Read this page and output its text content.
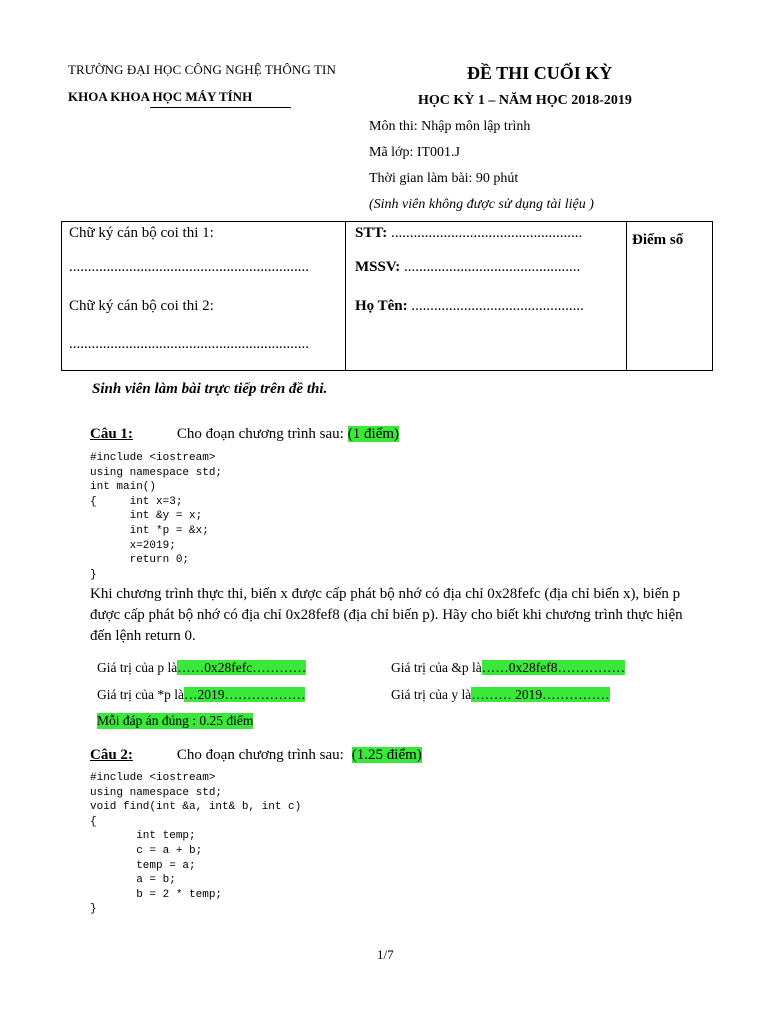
TRƯỜNG ĐẠI HỌC CÔNG NGHỆ THÔNG TIN
KHOA KHOA HỌC MÁY TÍNH
ĐỀ THI CUỐI KỲ
HỌC KỲ 1 – NĂM HỌC 2018-2019
Môn thi: Nhập môn lập trình
Mã lớp: IT001.J
Thời gian làm bài: 90 phút
(Sinh viên không được sử dụng tài liệu )

Chữ ký cán bộ coi thi 1:
................................................................
Chữ ký cán bộ coi thi 2:
................................................................
STT: ...................................................
MSSV: ...............................................
Họ Tên: ..............................................
Điểm số
Sinh viên làm bài trực tiếp trên đề thi.
Câu 1:	Cho đoạn chương trình sau: (1 điểm)
#include <iostream>
using namespace std;
int main()
{     int x=3;
int &y = x;
int *p = &x;
x=2019;
return 0;
}
Khi chương trình thực thi, biến x được cấp phát bộ nhớ có địa chỉ 0x28fefc (địa chỉ biến x), biến p được cấp phát bộ nhớ có địa chỉ 0x28fef8 (địa chỉ biến p). Hãy cho biết khi chương trình thực hiện đến lệnh return 0.
Giá trị của p là……0x28fefc…………	Giá trị của &p là……0x28fef8……………
Giá trị của *p là…2019………………	Giá trị của y là……… 2019……………
Mỗi đáp án đúng : 0.25 điểm
Câu 2:	Cho đoạn chương trình sau: (1.25 điểm)
#include <iostream>
using namespace std;
void find(int &a, int& b, int c)
{
int temp;
c = a + b;
temp = a;
a = b;
b = 2 * temp;
}
1/7
